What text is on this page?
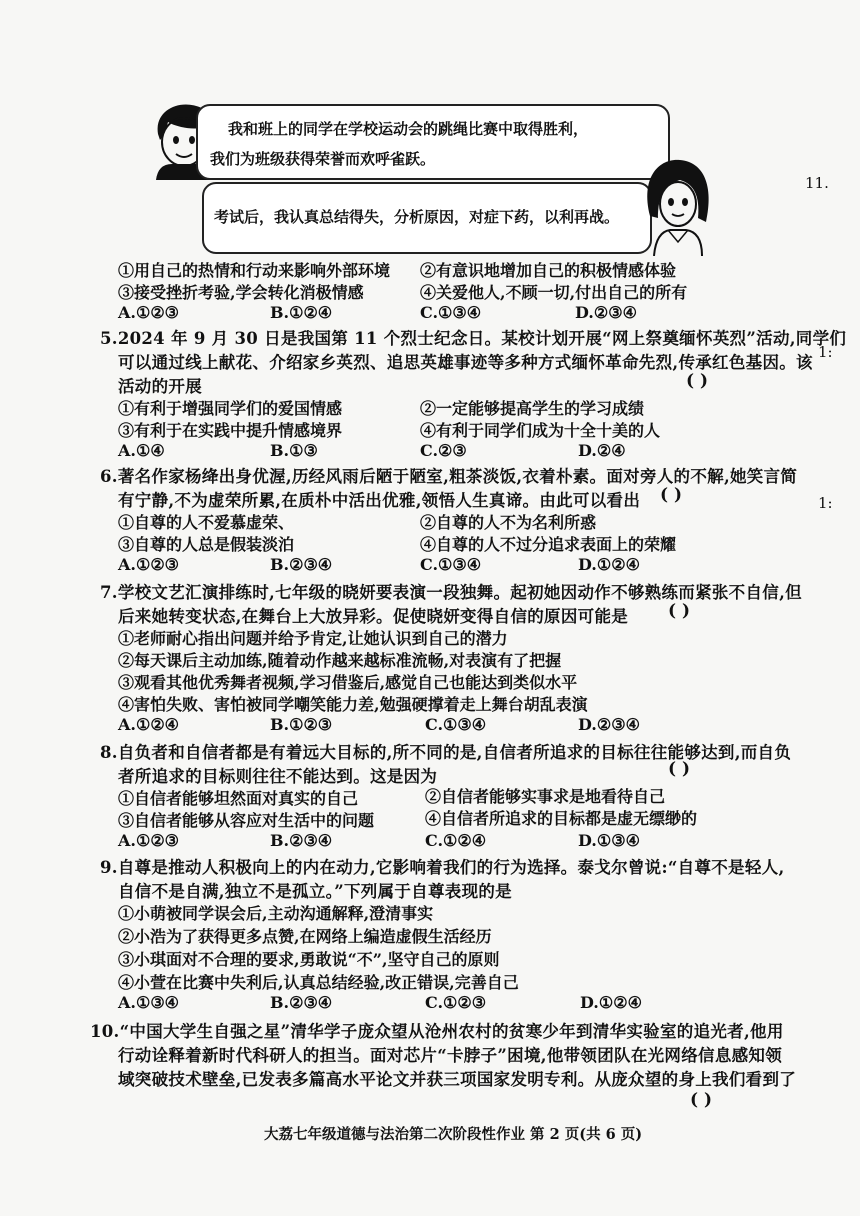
我和班上的同学在学校运动会的跳绳比赛中取得胜利，
我们为班级获得荣誉而欢呼雀跃。
考试后，我认真总结得失，分析原因，对症下药，以利再战。
11.
1:
1:
①用自己的热情和行动来影响外部环境 ②有意识地增加自己的积极情感体验
③接受挫折考验,学会转化消极情感	④关爱他人,不顾一切,付出自己的所有
A.①②③	B.①②④	C.①③④	D.②③④
5.2024 年 9 月 30 日是我国第 11 个烈士纪念日。某校计划开展“网上祭奠缅怀英烈”活动,同学们
可以通过线上献花、介绍家乡英烈、追思英雄事迹等多种方式缅怀革命先烈,传承红色基因。该
活动的开展	( )
①有利于增强同学们的爱国情感	②一定能够提高学生的学习成绩
③有利于在实践中提升情感境界	④有利于同学们成为十全十美的人
A.①④	B.①③	C.②③	D.②④
6.著名作家杨绛出身优渥,历经风雨后陋于陋室,粗茶淡饭,衣着朴素。面对旁人的不解,她笑言简
有宁静,不为虚荣所累,在质朴中活出优雅,领悟人生真谛。由此可以看出 ( )
①自尊的人不爱慕虚荣、	②自尊的人不为名利所惑
③自尊的人总是假装淡泊	④自尊的人不过分追求表面上的荣耀
A.①②③	B.②③④	C.①③④	D.①②④
7.学校文艺汇演排练时,七年级的晓妍要表演一段独舞。起初她因动作不够熟练而紧张不自信,但
后来她转变状态,在舞台上大放异彩。促使晓妍变得自信的原因可能是 ( )
①老师耐心指出问题并给予肯定,让她认识到自己的潜力
②每天课后主动加练,随着动作越来越标准流畅,对表演有了把握
③观看其他优秀舞者视频,学习借鉴后,感觉自己也能达到类似水平
④害怕失败、害怕被同学嘲笑能力差,勉强硬撑着走上舞台胡乱表演
A.①②④	B.①②③	C.①③④	D.②③④
8.自负者和自信者都是有着远大目标的,所不同的是,自信者所追求的目标往往能够达到,而自负
者所追求的目标则往往不能达到。这是因为	( )
①自信者能够坦然面对真实的自己	②自信者能够实事求是地看待自己
③自信者能够从容应对生活中的问题	④自信者所追求的目标都是虚无缥缈的
A.①②③	B.②③④	C.①②④	D.①③④
9.自尊是推动人积极向上的内在动力,它影响着我们的行为选择。泰戈尔曾说:“自尊不是轻人,
自信不是自满,独立不是孤立。”下列属于自尊表现的是
①小萌被同学误会后,主动沟通解释,澄清事实
②小浩为了获得更多点赞,在网络上编造虚假生活经历
③小琪面对不合理的要求,勇敢说“不”,坚守自己的原则
④小萱在比赛中失利后,认真总结经验,改正错误,完善自己
A.①③④	B.②③④	C.①②③	D.①②④
10.“中国大学生自强之星”清华学子庞众望从沧州农村的贫寒少年到清华实验室的追光者,他用
行动诠释着新时代科研人的担当。面对芯片“卡脖子”困境,他带领团队在光网络信息感知领
域突破技术壁垒,已发表多篇高水平论文并获三项国家发明专利。从庞众望的身上我们看到了
( )
大荔七年级道德与法治第二次阶段性作业 第 2 页(共 6 页)
